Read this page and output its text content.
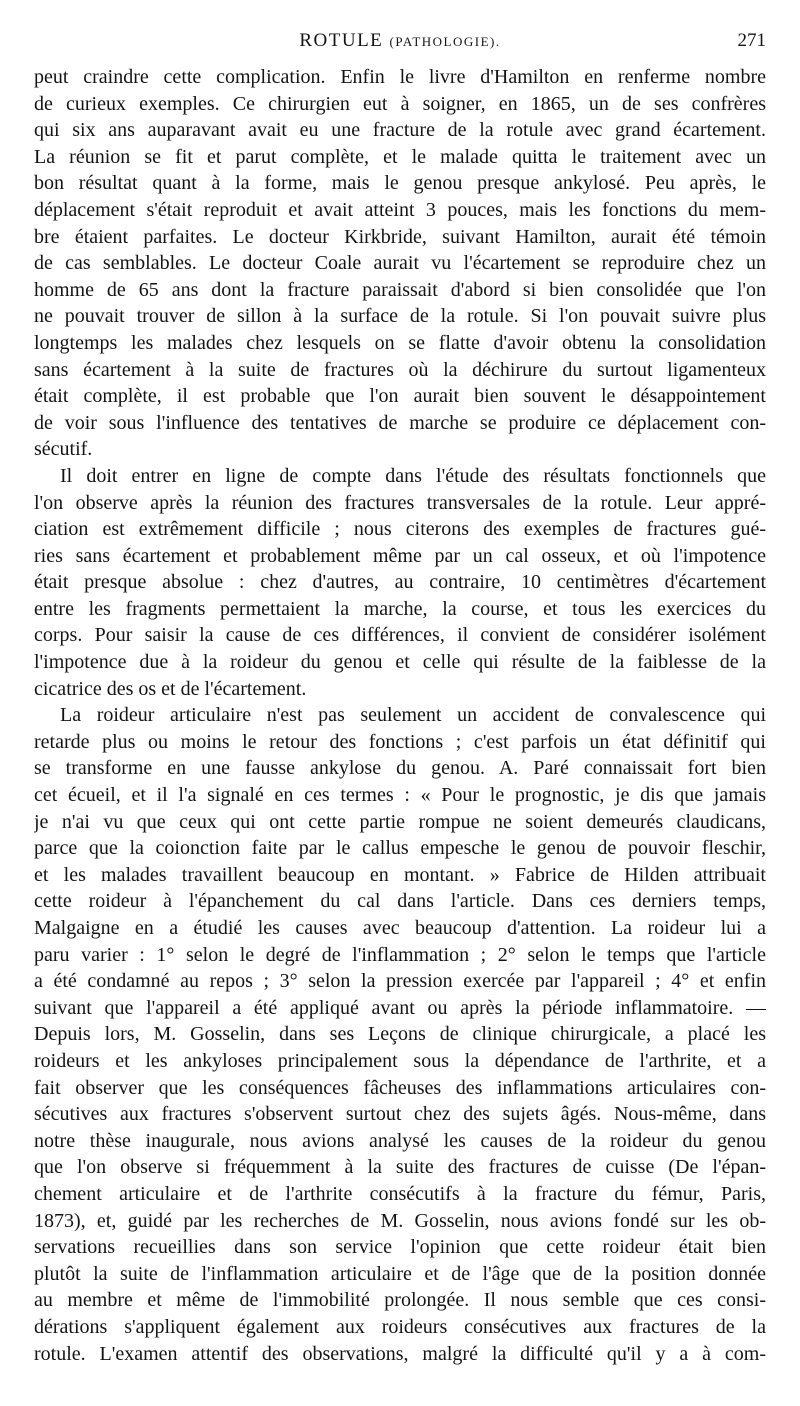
ROTULE (PATHOLOGIE).	271
peut craindre cette complication. Enfin le livre d'Hamilton en renferme nombre
de curieux exemples. Ce chirurgien eut à soigner, en 1865, un de ses confrères
qui six ans auparavant avait eu une fracture de la rotule avec grand écartement.
La réunion se fit et parut complète, et le malade quitta le traitement avec un
bon résultat quant à la forme, mais le genou presque ankylosé. Peu après, le
déplacement s'était reproduit et avait atteint 3 pouces, mais les fonctions du mem-
bre étaient parfaites. Le docteur Kirkbride, suivant Hamilton, aurait été témoin
de cas semblables. Le docteur Coale aurait vu l'écartement se reproduire chez un
homme de 65 ans dont la fracture paraissait d'abord si bien consolidée que l'on
ne pouvait trouver de sillon à la surface de la rotule. Si l'on pouvait suivre plus
longtemps les malades chez lesquels on se flatte d'avoir obtenu la consolidation
sans écartement à la suite de fractures où la déchirure du surtout ligamenteux
était complète, il est probable que l'on aurait bien souvent le désappointement
de voir sous l'influence des tentatives de marche se produire ce déplacement con-
sécutif.
Il doit entrer en ligne de compte dans l'étude des résultats fonctionnels que
l'on observe après la réunion des fractures transversales de la rotule. Leur appré-
ciation est extrêmement difficile ; nous citerons des exemples de fractures gué-
ries sans écartement et probablement même par un cal osseux, et où l'impotence
était presque absolue : chez d'autres, au contraire, 10 centimètres d'écartement
entre les fragments permettaient la marche, la course, et tous les exercices du
corps. Pour saisir la cause de ces différences, il convient de considérer isolément
l'impotence due à la roideur du genou et celle qui résulte de la faiblesse de la
cicatrice des os et de l'écartement.
La roideur articulaire n'est pas seulement un accident de convalescence qui
retarde plus ou moins le retour des fonctions ; c'est parfois un état définitif qui
se transforme en une fausse ankylose du genou. A. Paré connaissait fort bien
cet écueil, et il l'a signalé en ces termes : « Pour le prognostic, je dis que jamais
je n'ai vu que ceux qui ont cette partie rompue ne soient demeurés claudicans,
parce que la coionction faite par le callus empesche le genou de pouvoir fleschir,
et les malades travaillent beaucoup en montant. » Fabrice de Hilden attribuait
cette roideur à l'épanchement du cal dans l'article. Dans ces derniers temps,
Malgaigne en a étudié les causes avec beaucoup d'attention. La roideur lui a
paru varier : 1° selon le degré de l'inflammation ; 2° selon le temps que l'article
a été condamné au repos ; 3° selon la pression exercée par l'appareil ; 4° et enfin
suivant que l'appareil a été appliqué avant ou après la période inflammatoire. —
Depuis lors, M. Gosselin, dans ses Leçons de clinique chirurgicale, a placé les
roideurs et les ankyloses principalement sous la dépendance de l'arthrite, et a
fait observer que les conséquences fâcheuses des inflammations articulaires con-
sécutives aux fractures s'observent surtout chez des sujets âgés. Nous-même, dans
notre thèse inaugurale, nous avions analysé les causes de la roideur du genou
que l'on observe si fréquemment à la suite des fractures de cuisse (De l'épan-
chement articulaire et de l'arthrite consécutifs à la fracture du fémur, Paris,
1873), et, guidé par les recherches de M. Gosselin, nous avions fondé sur les ob-
servations recueillies dans son service l'opinion que cette roideur était bien
plutôt la suite de l'inflammation articulaire et de l'âge que de la position donnée
au membre et même de l'immobilité prolongée. Il nous semble que ces consi-
dérations s'appliquent également aux roideurs consécutives aux fractures de la
rotule. L'examen attentif des observations, malgré la difficulté qu'il y a à com-
